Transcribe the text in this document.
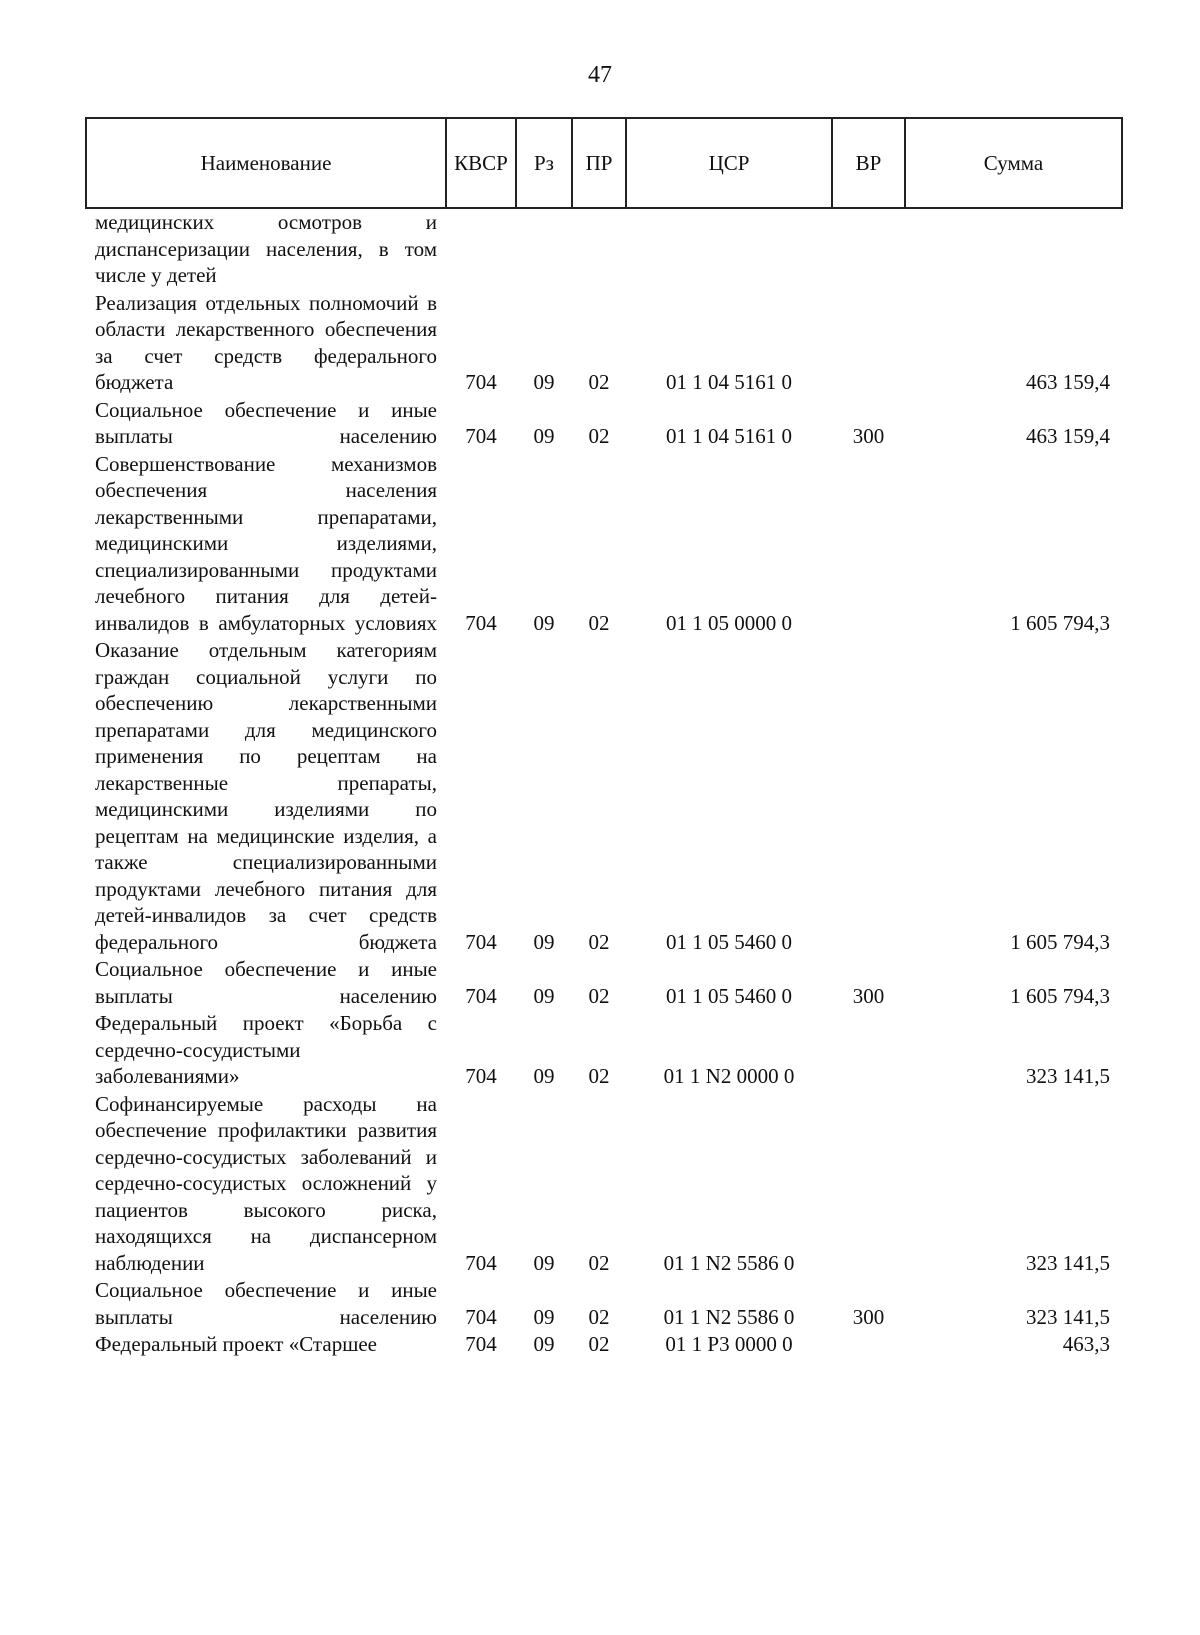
47
Наименование	КВСР	Рз	ПР	ЦСР	ВР	Сумма
медицинских осмотров и диспансеризации населения, в том числе у детей						
Реализация отдельных полномочий в области лекарственного обеспечения за счет средств федерального бюджета	704	09	02	01 1 04 5161 0		463 159,4
Социальное обеспечение и иные выплаты населению	704	09	02	01 1 04 5161 0	300	463 159,4
Совершенствование механизмов обеспечения населения лекарственными препаратами, медицинскими изделиями, специализированными продуктами лечебного питания для детей-инвалидов в амбулаторных условиях	704	09	02	01 1 05 0000 0		1 605 794,3
Оказание отдельным категориям граждан социальной услуги по обеспечению лекарственными препаратами для медицинского применения по рецептам на лекарственные препараты, медицинскими изделиями по рецептам на медицинские изделия, а также специализированными продуктами лечебного питания для детей-инвалидов за счет средств федерального бюджета	704	09	02	01 1 05 5460 0		1 605 794,3
Социальное обеспечение и иные выплаты населению	704	09	02	01 1 05 5460 0	300	1 605 794,3
Федеральный проект «Борьба с сердечно-сосудистыми заболеваниями»	704	09	02	01 1 N2 0000 0		323 141,5
Софинансируемые расходы на обеспечение профилактики развития сердечно-сосудистых заболеваний и сердечно-сосудистых осложнений у пациентов высокого риска, находящихся на диспансерном наблюдении	704	09	02	01 1 N2 5586 0		323 141,5
Социальное обеспечение и иные выплаты населению	704	09	02	01 1 N2 5586 0	300	323 141,5
Федеральный проект «Старшее	704	09	02	01 1 P3 0000 0		463,3
